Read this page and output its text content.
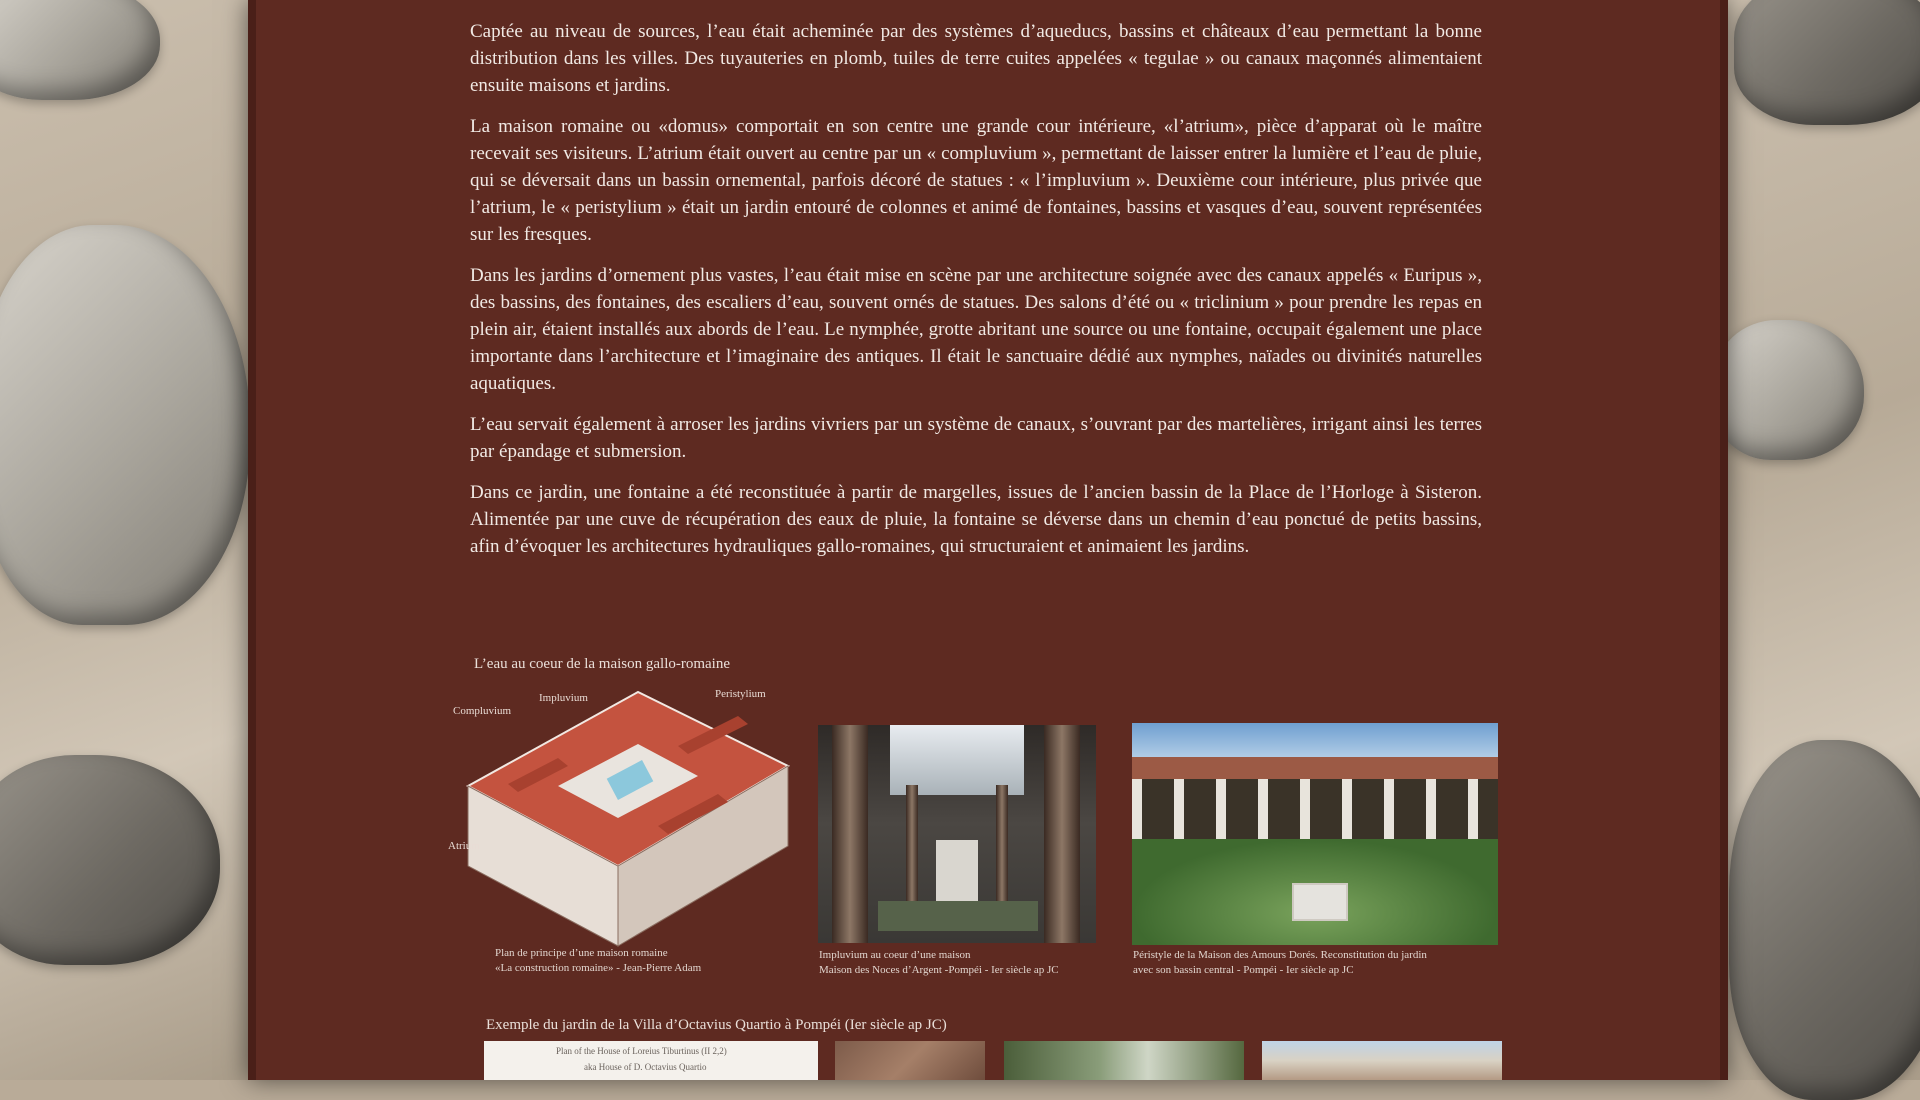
Captée au niveau de sources, l’eau était acheminée par des systèmes d’aqueducs, bassins et châteaux d’eau permettant la bonne distribution dans les villes. Des tuyauteries en plomb, tuiles de terre cuites appelées « tegulae » ou canaux maçonnés alimentaient ensuite maisons et jardins.

La maison romaine ou «domus» comportait en son centre une grande cour intérieure, «l’atrium», pièce d’apparat où le maître recevait ses visiteurs. L’atrium était ouvert au centre par un « compluvium », permettant de laisser entrer la lumière et l’eau de pluie, qui se déversait dans un bassin ornemental, parfois décoré de statues : « l’impluvium ». Deuxième cour intérieure, plus privée que l’atrium, le « peristylium » était un jardin entouré de colonnes et animé de fontaines, bassins et vasques d’eau, souvent représentées sur les fresques.

Dans les jardins d’ornement plus vastes, l’eau était mise en scène par une architecture soignée avec des canaux appelés « Euripus », des bassins, des fontaines, des escaliers d’eau, souvent ornés de statues. Des salons d’été ou « triclinium » pour prendre les repas en plein air, étaient installés aux abords de l’eau. Le nymphée, grotte abritant une source ou une fontaine, occupait également une place importante dans l’architecture et l’imaginaire des antiques. Il était le sanctuaire dédié aux nymphes, naïades ou divinités naturelles aquatiques.

L’eau servait également à arroser les jardins vivriers par un système de canaux, s’ouvrant par des martelières, irrigant ainsi les terres par épandage et submersion.

Dans ce jardin, une fontaine a été reconstituée à partir de margelles, issues de l’ancien bassin de la Place de l’Horloge à Sisteron. Alimentée par une cuve de récupération des eaux de pluie, la fontaine se déverse dans un chemin d’eau ponctué de petits bassins, afin d’évoquer les architectures hydrauliques gallo-romaines, qui structuraient et animaient les jardins.

L’eau au coeur de la maison gallo-romaine
Compluvium
Impluvium	Peristylium
Atrium
Plan de principe d’une maison romaine
«La construction romaine» - Jean-Pierre Adam
Impluvium au coeur d’une maison
Maison des Noces d’Argent -Pompéi - Ier siècle ap JC
Péristyle de la Maison des Amours Dorés. Reconstitution du jardin
avec son bassin central - Pompéi - Ier siècle ap JC
Exemple du jardin de la Villa d’Octavius Quartio à Pompéi (Ier siècle ap JC)
Plan of the House of Loreius Tiburtinus (II 2,2)
aka House of D. Octavius Quartio
